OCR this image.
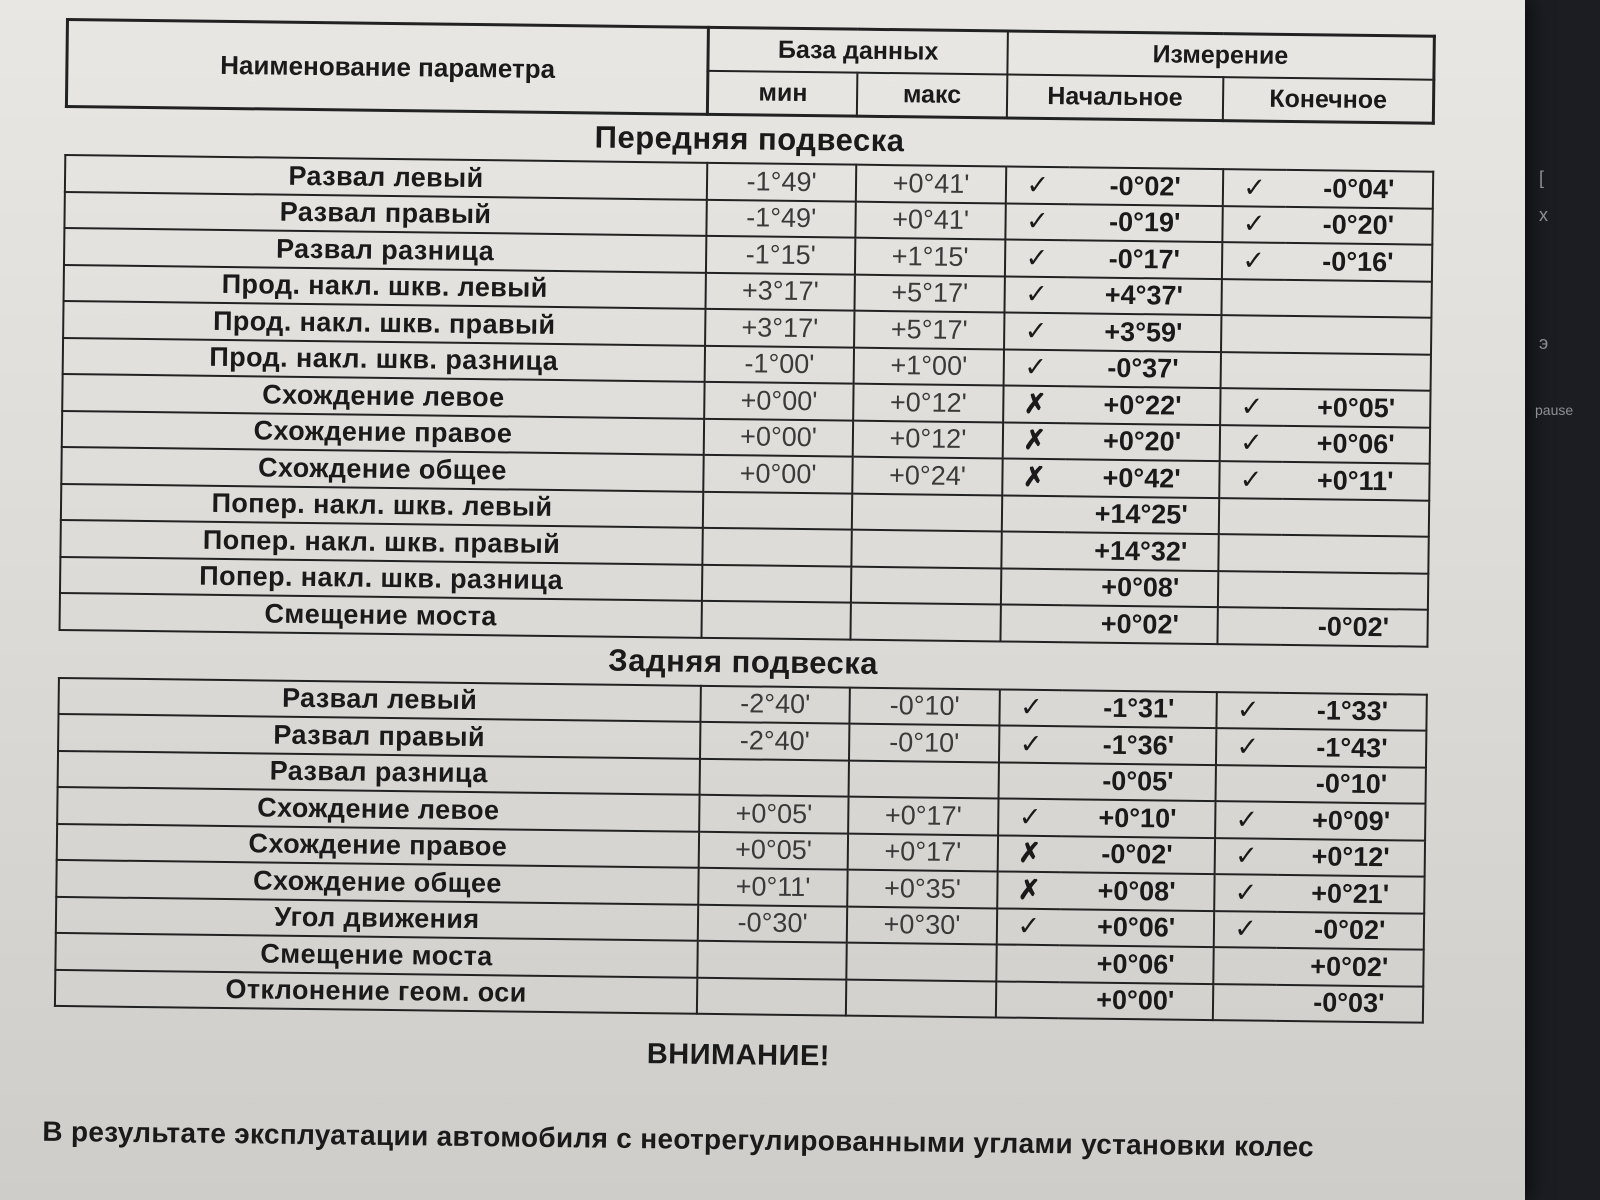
Наименование параметра	База данных		Измерение	
	мин	макс	Начальное	Конечное
Передняя подвеска
Развал левый	-1°49'	+0°41'	✓	-0°02'	✓	-0°04'
Развал правый	-1°49'	+0°41'	✓	-0°19'	✓	-0°20'
Развал разница	-1°15'	+1°15'	✓	-0°17'	✓	-0°16'
Прод. накл. шкв. левый	+3°17'	+5°17'	✓	+4°37'		
Прод. накл. шкв. правый	+3°17'	+5°17'	✓	+3°59'		
Прод. накл. шкв. разница	-1°00'	+1°00'	✓	-0°37'		
Схождение левое	+0°00'	+0°12'	✗	+0°22'	✓	+0°05'
Схождение правое	+0°00'	+0°12'	✗	+0°20'	✓	+0°06'
Схождение общее	+0°00'	+0°24'	✗	+0°42'	✓	+0°11'
Попер. накл. шкв. левый				+14°25'		
Попер. накл. шкв. правый				+14°32'		
Попер. накл. шкв. разница				+0°08'		
Смещение моста				+0°02'		-0°02'
Задняя подвеска
Развал левый	-2°40'	-0°10'	✓	-1°31'	✓	-1°33'
Развал правый	-2°40'	-0°10'	✓	-1°36'	✓	-1°43'
Развал разница				-0°05'		-0°10'
Схождение левое	+0°05'	+0°17'	✓	+0°10'	✓	+0°09'
Схождение правое	+0°05'	+0°17'	✗	-0°02'	✓	+0°12'
Схождение общее	+0°11'	+0°35'	✗	+0°08'	✓	+0°21'
Угол движения	-0°30'	+0°30'	✓	+0°06'	✓	-0°02'
Смещение моста				+0°06'		+0°02'
Отклонение геом. оси				+0°00'		-0°03'
ВНИМАНИЕ!
В результате эксплуатации автомобиля с неотрегулированными углами установки колес
[
х
э
pause
